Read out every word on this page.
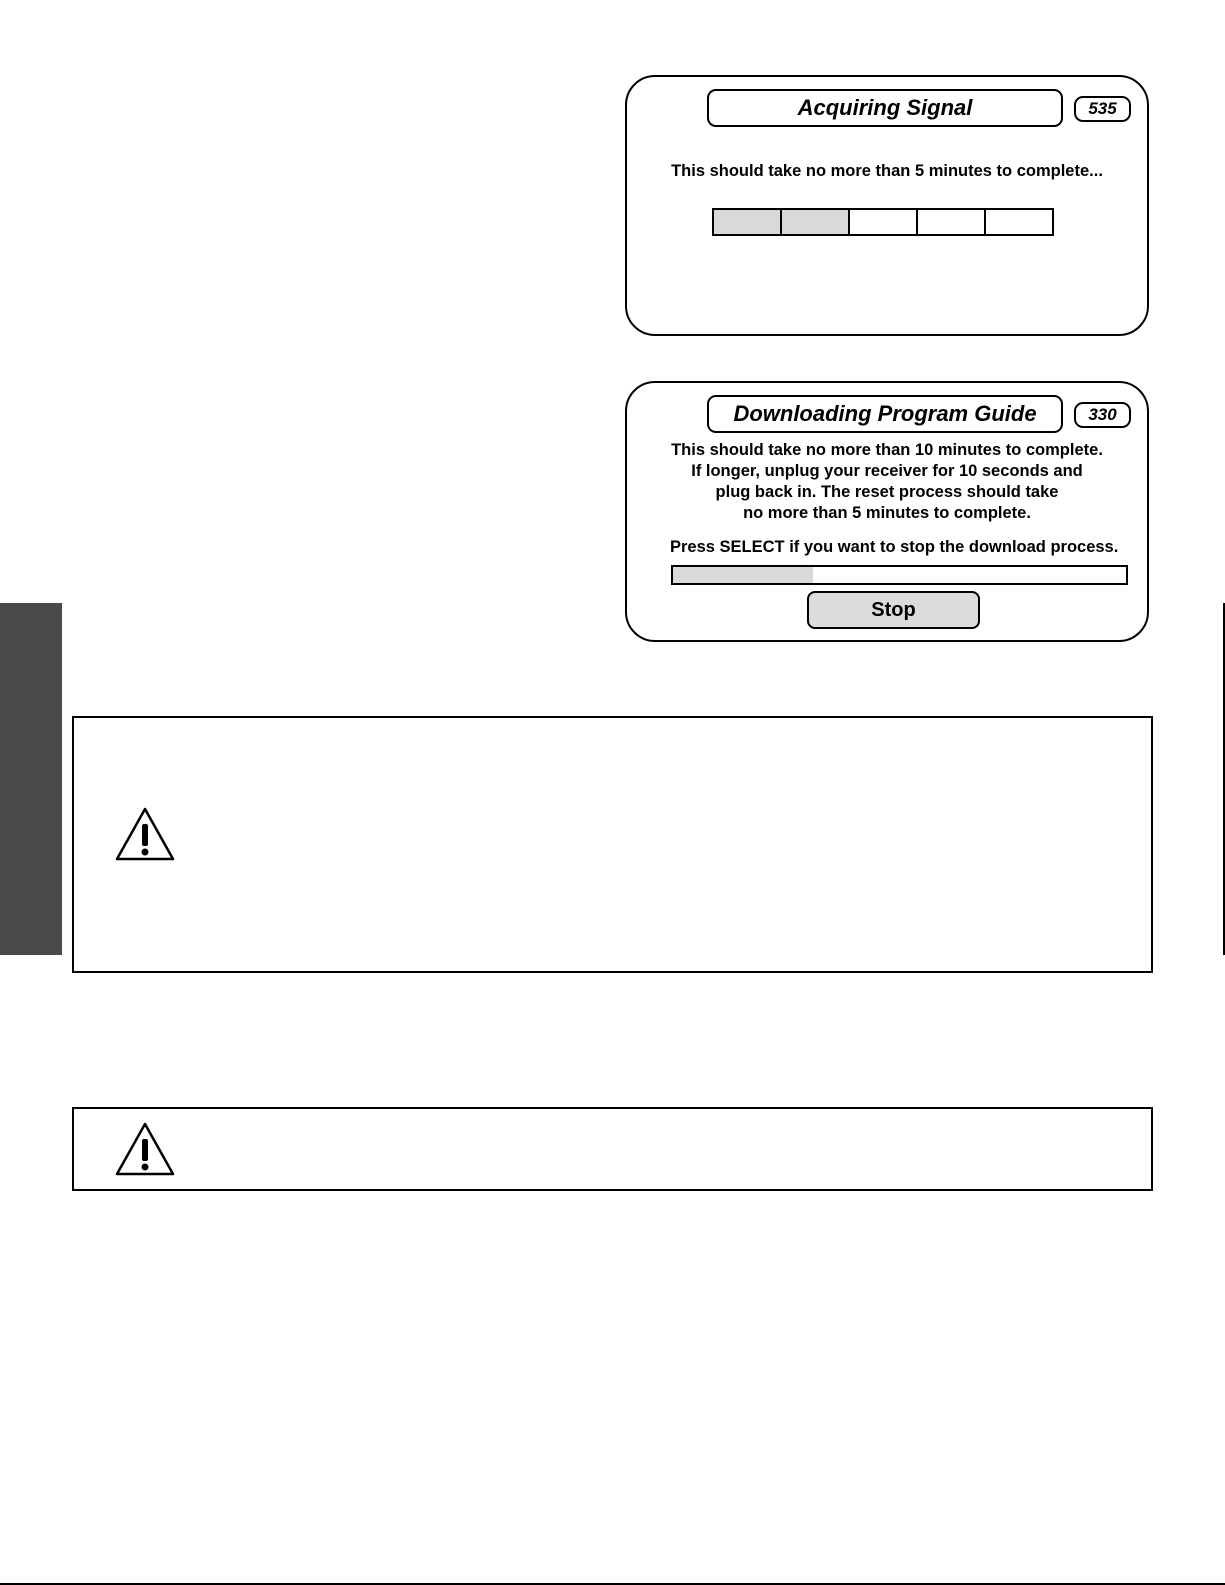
Acquiring Signal	535
This should take no more than 5 minutes to complete...
Downloading Program Guide	330
This should take no more than 10 minutes to complete.
If longer, unplug your receiver for 10 seconds and
plug back in. The reset process should take
no more than 5 minutes to complete.
Press SELECT if you want to stop the download process.
Stop
